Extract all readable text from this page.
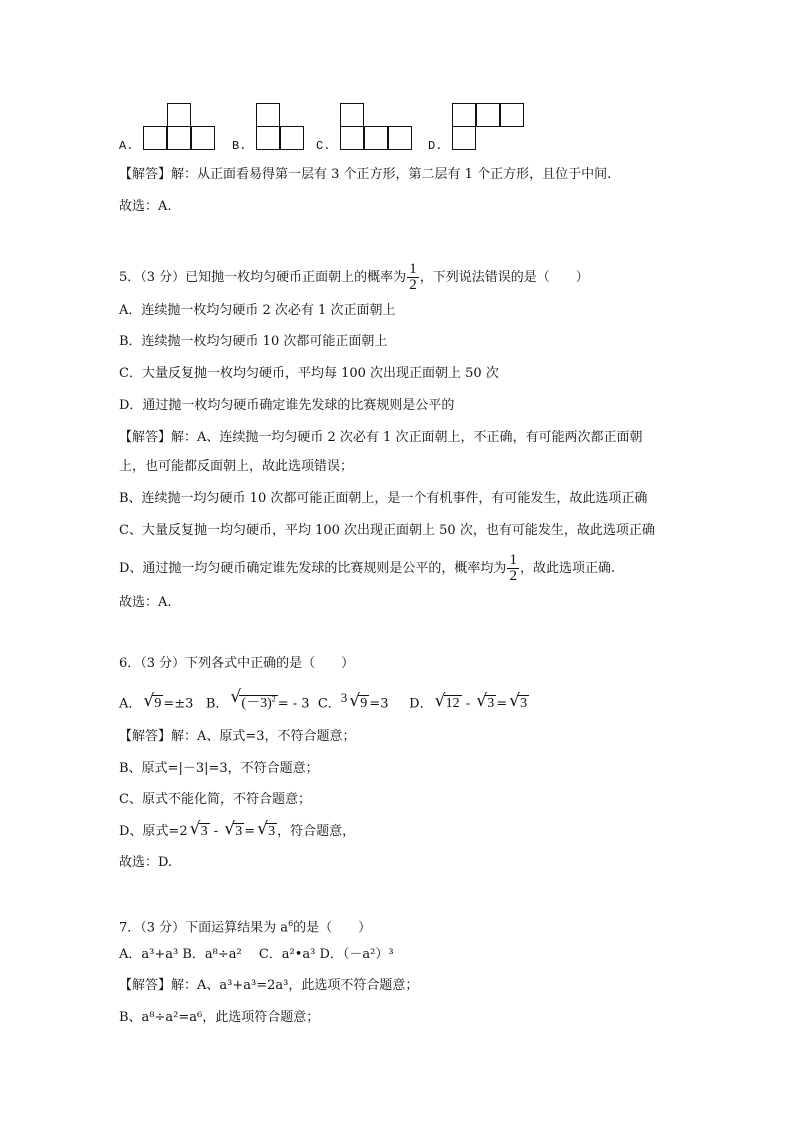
A.	B.	C.	D.
【解答】解：从正面看易得第一层有 3 个正方形，第二层有 1 个正方形，且位于中间.
故选：A.
5．（3 分）已知抛一枚均匀硬币正面朝上的概率为 $\frac{1}{2}$ ，下列说法错误的是（　　）
A．连续抛一枚均匀硬币 2 次必有 1 次正面朝上
B．连续抛一枚均匀硬币 10 次都可能正面朝上
C．大量反复抛一枚均匀硬币，平均每 100 次出现正面朝上 50 次
D．通过抛一枚均匀硬币确定谁先发球的比赛规则是公平的
【解答】解：A、连续抛一均匀硬币 2 次必有 1 次正面朝上，不正确，有可能两次都正面朝
上，也可能都反面朝上，故此选项错误；
B、连续抛一均匀硬币 10 次都可能正面朝上，是一个有机事件，有可能发生，故此选项正确
C、大量反复抛一均匀硬币，平均 100 次出现正面朝上 50 次，也有可能发生，故此选项正确
D、通过抛一均匀硬币确定谁先发球的比赛规则是公平的，概率均为 $\frac{1}{2}$ ，故此选项正确.
故选：A.
6．（3 分）下列各式中正确的是（　　）
A． √ 9 =±3 B． √ $(-3)^2$ = - 3 C．3 √ 9 =3 D． √ 12 - √ 3 = √ 3
【解答】解：A、原式=3，不符合题意；
B、原式=|－3|=3，不符合题意；
C、原式不能化简，不符合题意；
D、原式=2 √ 3 - √ 3 = √ 3 ，符合题意，
故选：D.
7．（3 分）下面运算结果为 $a^6$的是（　　）
A．a³+a³ B．a⁸÷a²　 C．a²•a³ D．（－a²）³
【解答】解：A、a³+a³=2a³，此选项不符合题意；
B、a⁸÷a²=a⁶，此选项符合题意；
